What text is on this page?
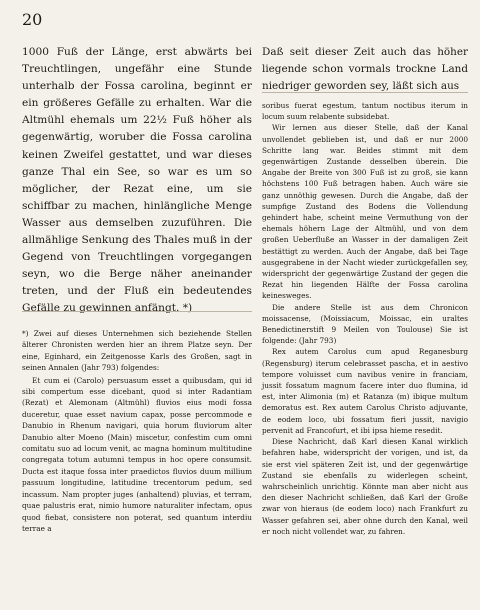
20

1000 Fuß der Länge, erst abwärts bei Treuchtlingen, ungefähr eine Stunde unterhalb der Fossa carolina, beginnt er ein größeres Gefälle zu erhalten. War die Altmühl ehemals um 22½ Fuß höher als gegenwärtig, woruber die Fossa carolina keinen Zweifel gestattet, und war dieses ganze Thal ein See, so war es um so möglicher, der Rezat eine, um sie schiffbar zu machen, hinlängliche Menge Wasser aus demselben zuzuführen. Die allmählige Senkung des Thales muß in der Gegend von Treuchtlingen vorgegangen seyn, wo die Berge näher aneinander treten, und der Fluß ein bedeutendes Gefälle zu gewinnen anfängt. *)

*) Zwei auf dieses Unternehmen sich beziehende Stellen älterer Chronisten werden hier an ihrem Platze seyn. Der eine, Eginhard, ein Zeitgenosse Karls des Großen, sagt in seinen Annalen (Jahr 793) folgendes:

Et cum ei (Carolo) persuasum esset a quibusdam, qui id sibi compertum esse dicebant, quod si inter Radantiam (Rezat) et Alemonam (Altmühl) fluvios eius modi fossa duceretur, quae esset navium capax, posse percommode e Danubio in Rhenum navigari, quia horum fluviorum alter Danubio alter Moeno (Main) miscetur, confestim cum omni comitatu suo ad locum venit, ac magna hominum multitudine congregata totum autumni tempus in hoc opere consumsit. Ducta est itaque fossa inter praedictos fluvios duum millium passuum longitudine, latitudine trecentorum pedum, sed incassum. Nam propter juges (anhaltend) pluvias, et terram, quae palustris erat, nimio humore naturaliter infectam, opus quod fiebat, consistere non poterat, sed quantum interdiu terrae a

Daß seit dieser Zeit auch das höher liegende schon vormals trockne Land niedriger geworden sey, läßt sich aus

soribus fuerat egestum, tantum noctibus iterum in locum suum relabente subsidebat.

Wir lernen aus dieser Stelle, daß der Kanal unvollendet geblieben ist, und daß er nur 2000 Schritte lang war. Beides stimmt mit dem gegenwärtigen Zustande desselben überein. Die Angabe der Breite von 300 Fuß ist zu groß, sie kann höchstens 100 Fuß betragen haben. Auch wäre sie ganz unnöthig gewesen. Durch die Angabe, daß der sumpfige Zustand des Bodens die Vollendung gehindert habe, scheint meine Vermuthung von der ehemals höhern Lage der Altmühl, und von dem großen Ueberfluße an Wasser in der damaligen Zeit bestättigt zu werden. Auch der Angabe, daß bei Tage ausgegrabene in der Nacht wieder zurückgefallen sey, widerspricht der gegenwärtige Zustand der gegen die Rezat hin liegenden Hälfte der Fossa carolina keinesweges.

Die andere Stelle ist aus dem Chronicon moissacense, (Moissiacum, Moissac, ein uraltes Benedictinerstift 9 Meilen von Toulouse) Sie ist folgende: (Jahr 793)

Rex autem Carolus cum apud Reganesburg (Regensburg) iterum celebrasset pascha, et in aestivo tempore voluisset cum navibus venire in franciam, jussit fossatum magnum facere inter duo flumina, id est, inter Alimonia (m) et Ratanza (m) ibique multum demoratus est. Rex autem Carolus Christo adjuvante, de eodem loco, ubi fossatum fieri jussit, navigio pervenit ad Francofurt, et ibi ipsa hieme resedit.

Diese Nachricht, daß Karl diesen Kanal wirklich befahren habe, widerspricht der vorigen, und ist, da sie erst viel späteren Zeit ist, und der gegenwärtige Zustand sie ebenfalls zu widerlegen scheint, wahrscheinlich unrichtig. Könnte man aber nicht aus den dieser Nachricht schließen, daß Karl der Große zwar von hieraus (de eodem loco) nach Frankfurt zu Wasser gefahren sei, aber ohne durch den Kanal, weil er noch nicht vollendet war, zu fahren.
